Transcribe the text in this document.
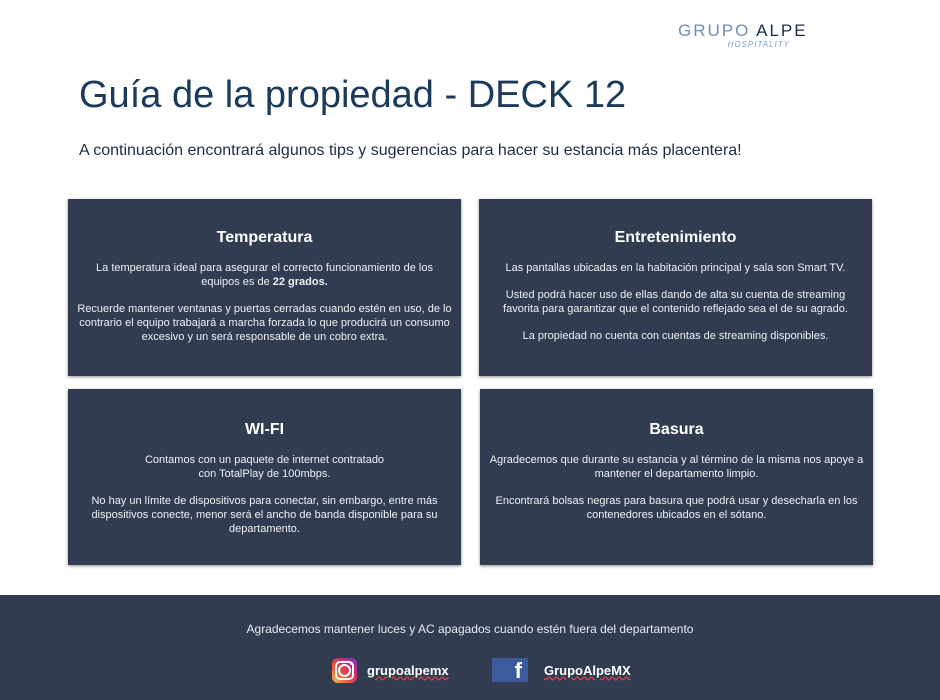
GRUPO ALPE
HOSPITALITY
Guía de la propiedad - DECK 12

A continuación encontrará algunos tips y sugerencias para hacer su estancia más placentera!

Temperatura

La temperatura ideal para asegurar el correcto funcionamiento de los equipos es de 22 grados.

Recuerde mantener ventanas y puertas cerradas cuando estén en uso, de lo contrario el equipo trabajará a marcha forzada lo que producirá un consumo excesivo y un será responsable de un cobro extra.

Entretenimiento

Las pantallas ubicadas en la habitación principal y sala son Smart TV.

Usted podrá hacer uso de ellas dando de alta su cuenta de streaming favorita para garantizar que el contenido reflejado sea el de su agrado.

La propiedad no cuenta con cuentas de streaming disponibles.

WI-FI

Contamos con un paquete de internet contratado
con TotalPlay de 100mbps.

No hay un límite de dispositivos para conectar, sin embargo, entre más dispositivos conecte, menor será el ancho de banda disponible para su departamento.

Basura

Agradecemos que durante su estancia y al término de la misma nos apoye a mantener el departamento limpio.

Encontrará bolsas negras para basura que podrá usar y desecharla en los contenedores ubicados en el sótano.

Agradecemos mantener luces y AC apagados cuando estén fuera del departamento
grupoalpemx	f GrupoAlpeMX
